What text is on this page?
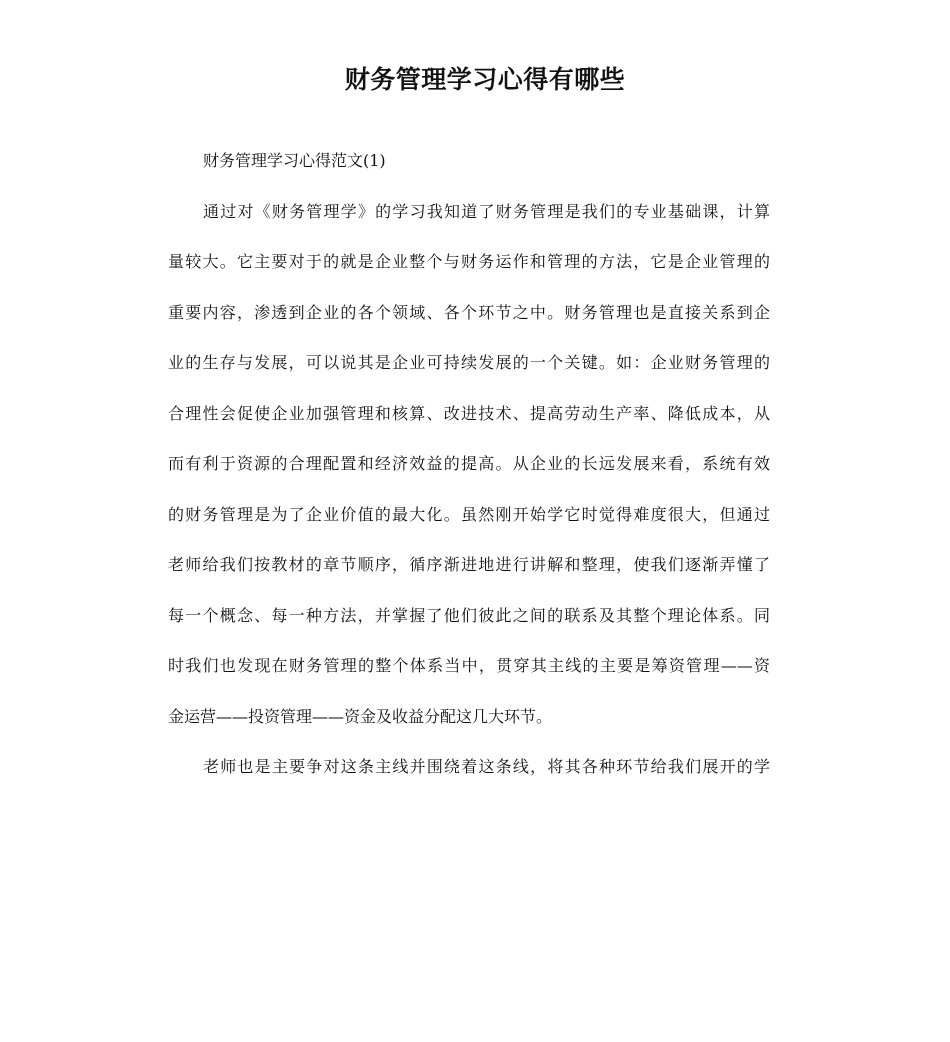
财务管理学习心得有哪些

财务管理学习心得范文(1)

通过对《财务管理学》的学习我知道了财务管理是我们的专业基础课，计算
量较大。它主要对于的就是企业整个与财务运作和管理的方法，它是企业管理的
重要内容，渗透到企业的各个领域、各个环节之中。财务管理也是直接关系到企
业的生存与发展，可以说其是企业可持续发展的一个关键。如：企业财务管理的
合理性会促使企业加强管理和核算、改进技术、提高劳动生产率、降低成本，从
而有利于资源的合理配置和经济效益的提高。从企业的长远发展来看，系统有效
的财务管理是为了企业价值的最大化。虽然刚开始学它时觉得难度很大，但通过
老师给我们按教材的章节顺序，循序渐进地进行讲解和整理，使我们逐渐弄懂了
每一个概念、每一种方法，并掌握了他们彼此之间的联系及其整个理论体系。同
时我们也发现在财务管理的整个体系当中，贯穿其主线的主要是筹资管理——资
金运营——投资管理——资金及收益分配这几大环节。

老师也是主要争对这条主线并围绕着这条线，将其各种环节给我们展开的学
